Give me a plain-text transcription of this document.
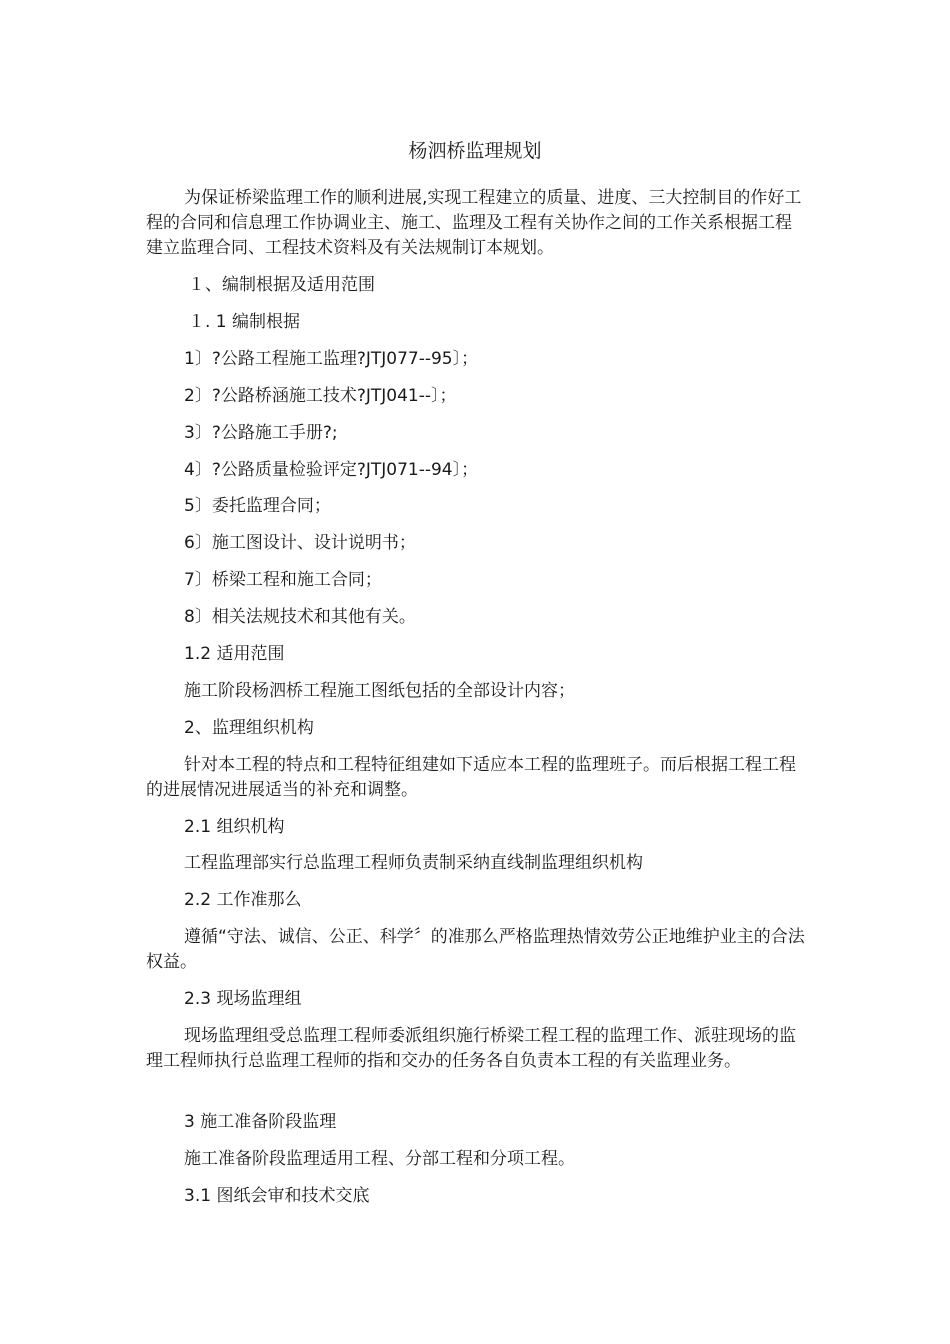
杨泗桥监理规划
为保证桥梁监理工作的顺利进展,实现工程建立的质量、进度、三大控制目的作好工程的合同和信息理工作协调业主、施工、监理及工程有关协作之间的工作关系根据工程建立监理合同、工程技术资料及有关法规制订本规划。
１、编制根据及适用范围
１. 1 编制根据
1〕?公路工程施工监理?JTJ077--95〕；
2〕?公路桥涵施工技术?JTJ041--〕；
3〕?公路施工手册?;
4〕?公路质量检验评定?JTJ071--94〕；
5〕委托监理合同；
6〕施工图设计、设计说明书；
7〕桥梁工程和施工合同；
8〕相关法规技术和其他有关。
1.2 适用范围
施工阶段杨泗桥工程施工图纸包括的全部设计内容；
2、监理组织机构
针对本工程的特点和工程特征组建如下适应本工程的监理班子。而后根据工程工程的进展情况进展适当的补充和调整。
2.1 组织机构
工程监理部实行总监理工程师负责制采纳直线制监理组织机构
2.2 工作准那么
遵循“守法、诚信、公正、科学〞的准那么严格监理热情效劳公正地维护业主的合法权益。
2.3 现场监理组
现场监理组受总监理工程师委派组织施行桥梁工程工程的监理工作、派驻现场的监理工程师执行总监理工程师的指和交办的任务各自负责本工程的有关监理业务。
3 施工准备阶段监理
施工准备阶段监理适用工程、分部工程和分项工程。
3.1 图纸会审和技术交底
